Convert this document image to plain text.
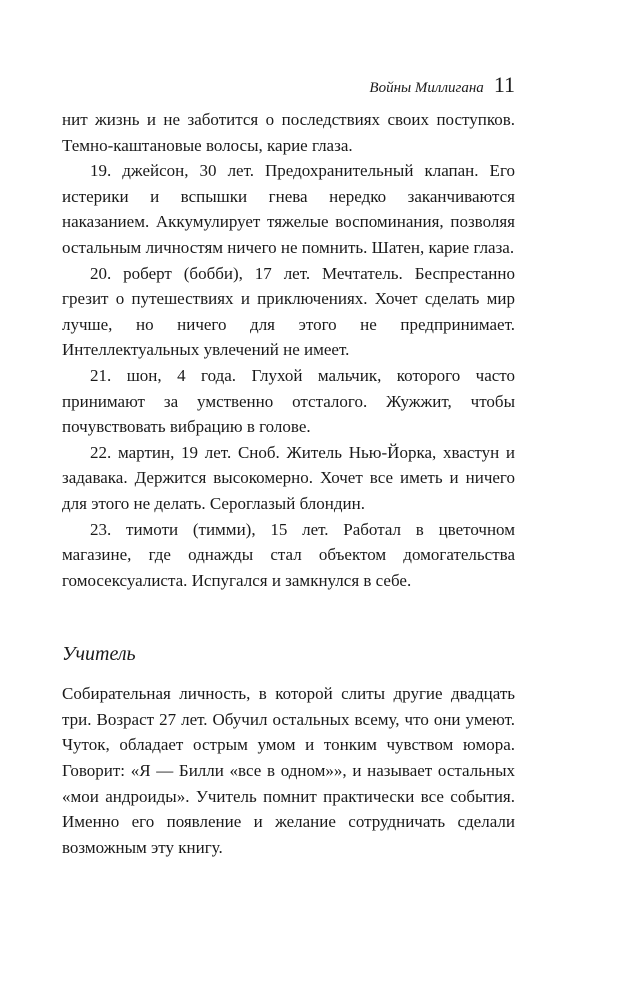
Войны Миллигана 11

нит жизнь и не заботится о последствиях своих поступков. Темно-каштановые волосы, карие глаза.

19. джейсон, 30 лет. Предохранительный клапан. Его истерики и вспышки гнева нередко заканчиваются наказанием. Аккумулирует тяжелые воспоминания, позволяя остальным личностям ничего не помнить. Шатен, карие глаза.

20. роберт (бобби), 17 лет. Мечтатель. Беспрестанно грезит о путешествиях и приключениях. Хочет сделать мир лучше, но ничего для этого не предпринимает. Интеллектуальных увлечений не имеет.

21. шон, 4 года. Глухой мальчик, которого часто принимают за умственно отсталого. Жужжит, чтобы почувствовать вибрацию в голове.

22. мартин, 19 лет. Сноб. Житель Нью-Йорка, хвастун и задавака. Держится высокомерно. Хочет все иметь и ничего для этого не делать. Сероглазый блондин.

23. тимоти (тимми), 15 лет. Работал в цветочном магазине, где однажды стал объектом домогательства гомосексуалиста. Испугался и замкнулся в себе.

Учитель

Собирательная личность, в которой слиты другие двадцать три. Возраст 27 лет. Обучил остальных всему, что они умеют. Чуток, обладает острым умом и тонким чувством юмора. Говорит: «Я — Билли «все в одном»», и называет остальных «мои андроиды». Учитель помнит практически все события. Именно его появление и желание сотрудничать сделали возможным эту книгу.
